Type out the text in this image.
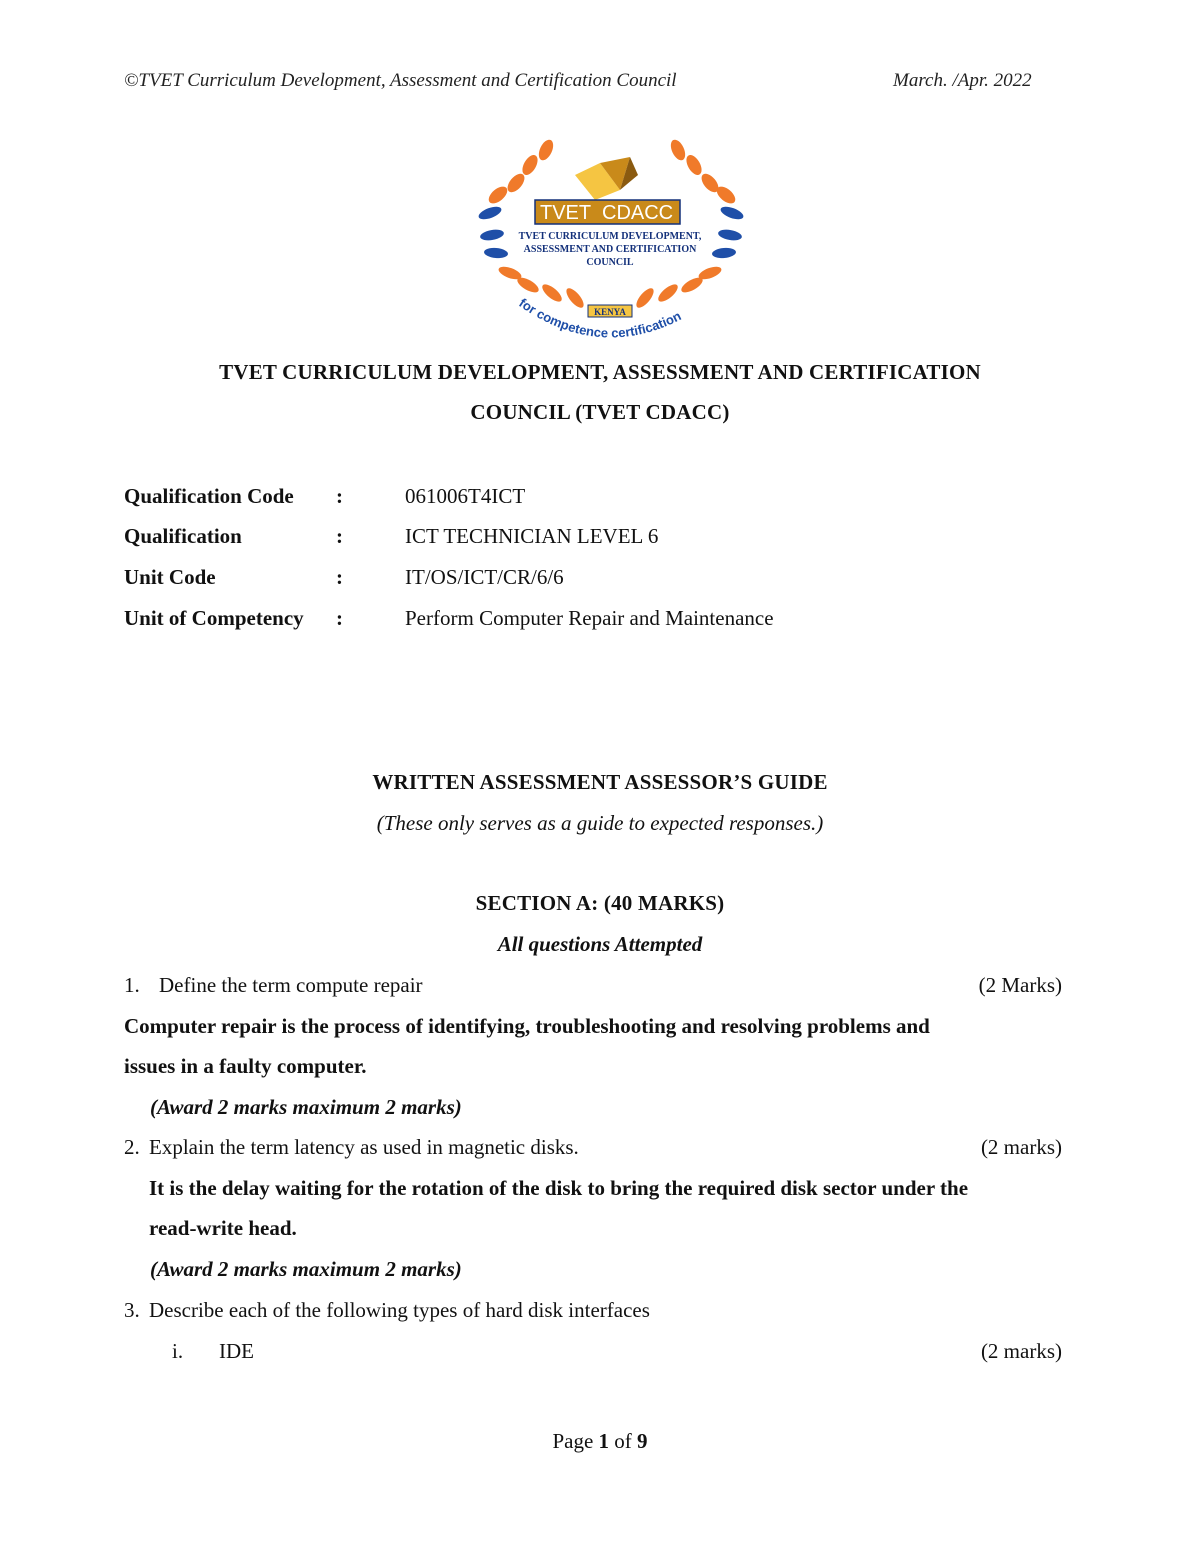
©TVET Curriculum Development, Assessment and Certification Council	March. /Apr. 2022
TVET CDACC
TVET CURRICULUM DEVELOPMENT,
ASSESSMENT AND CERTIFICATION
COUNCIL
KENYA
for competence certification
TVET CURRICULUM DEVELOPMENT, ASSESSMENT AND CERTIFICATION
COUNCIL (TVET CDACC)
Qualification Code :	061006T4ICT
Qualification	:	ICT TECHNICIAN LEVEL 6
Unit Code	:	IT/OS/ICT/CR/6/6
Unit of Competency :	Perform Computer Repair and Maintenance
WRITTEN ASSESSMENT ASSESSOR’S GUIDE
(These only serves as a guide to expected responses.)
SECTION A: (40 MARKS)
All questions Attempted
1. Define the term compute repair	(2 Marks)
Computer repair is the process of identifying, troubleshooting and resolving problems and
issues in a faulty computer.
(Award 2 marks maximum 2 marks)
2. Explain the term latency as used in magnetic disks.	(2 marks)
It is the delay waiting for the rotation of the disk to bring the required disk sector under the
read-write head.
(Award 2 marks maximum 2 marks)
3. Describe each of the following types of hard disk interfaces
i. IDE	(2 marks)
Page 1 of 9
